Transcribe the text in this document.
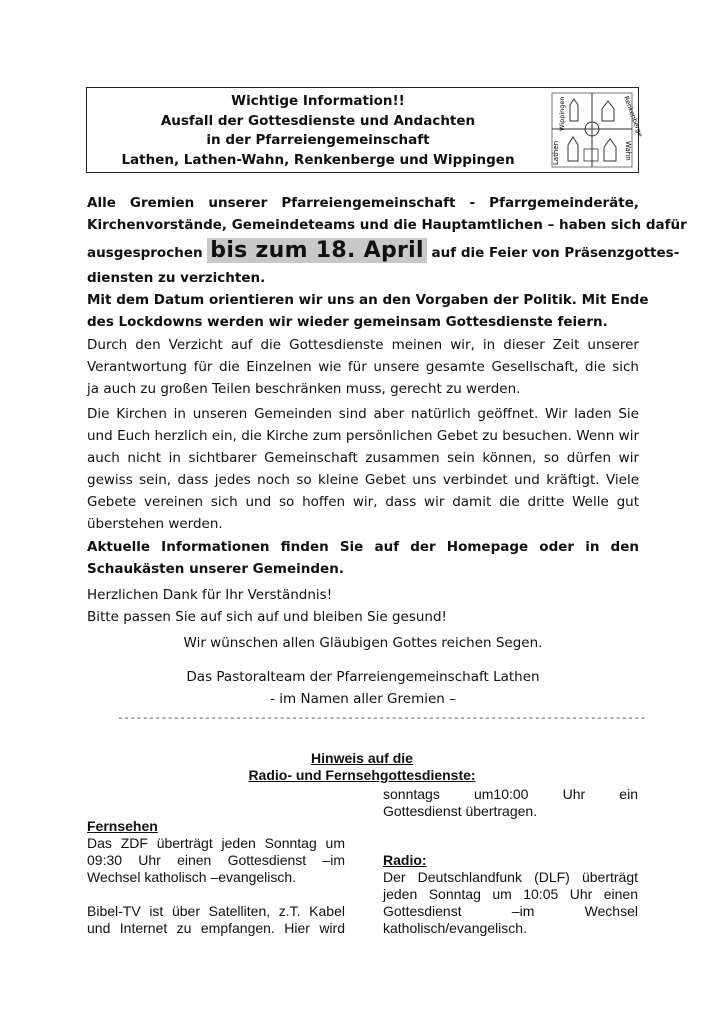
Wichtige Information!!
Ausfall der Gottesdienste und Andachten
in der Pfarreiengemeinschaft
Lathen, Lathen-Wahn, Renkenberge und Wippingen	Lathen
Wippingen	Renkenberge
Wahn
Alle Gremien unserer Pfarreiengemeinschaft - Pfarrgemeinderäte,
Kirchenvorstände, Gemeindeteams und die Hauptamtlichen – haben sich dafür
ausgesprochen bis zum 18. April auf die Feier von Präsenzgottes-
diensten zu verzichten.
Mit dem Datum orientieren wir uns an den Vorgaben der Politik. Mit Ende
des Lockdowns werden wir wieder gemeinsam Gottesdienste feiern.
Durch den Verzicht auf die Gottesdienste meinen wir, in dieser Zeit unserer
Verantwortung für die Einzelnen wie für unsere gesamte Gesellschaft, die sich
ja auch zu großen Teilen beschränken muss, gerecht zu werden.
Die Kirchen in unseren Gemeinden sind aber natürlich geöffnet. Wir laden Sie
und Euch herzlich ein, die Kirche zum persönlichen Gebet zu besuchen. Wenn wir
auch nicht in sichtbarer Gemeinschaft zusammen sein können, so dürfen wir
gewiss sein, dass jedes noch so kleine Gebet uns verbindet und kräftigt. Viele
Gebete vereinen sich und so hoffen wir, dass wir damit die dritte Welle gut
überstehen werden.
Aktuelle Informationen finden Sie auf der Homepage oder in den
Schaukästen unserer Gemeinden.
Herzlichen Dank für Ihr Verständnis!
Bitte passen Sie auf sich auf und bleiben Sie gesund!
Wir wünschen allen Gläubigen Gottes reichen Segen.
Das Pastoralteam der Pfarreiengemeinschaft Lathen
- im Namen aller Gremien –
-------------------------------------------------------------------------------------
Hinweis auf die
Radio- und Fernsehgottesdienste:
Fernsehen
Das ZDF überträgt jeden Sonntag um
09:30 Uhr einen Gottesdienst –im
Wechsel katholisch –evangelisch.
Bibel-TV ist über Satelliten, z.T. Kabel
und Internet zu empfangen. Hier wird
sonntags um10:00 Uhr ein
Gottesdienst übertragen.
Radio:
Der Deutschlandfunk (DLF) überträgt
jeden Sonntag um 10:05 Uhr einen
Gottesdienst –im Wechsel
katholisch/evangelisch.
